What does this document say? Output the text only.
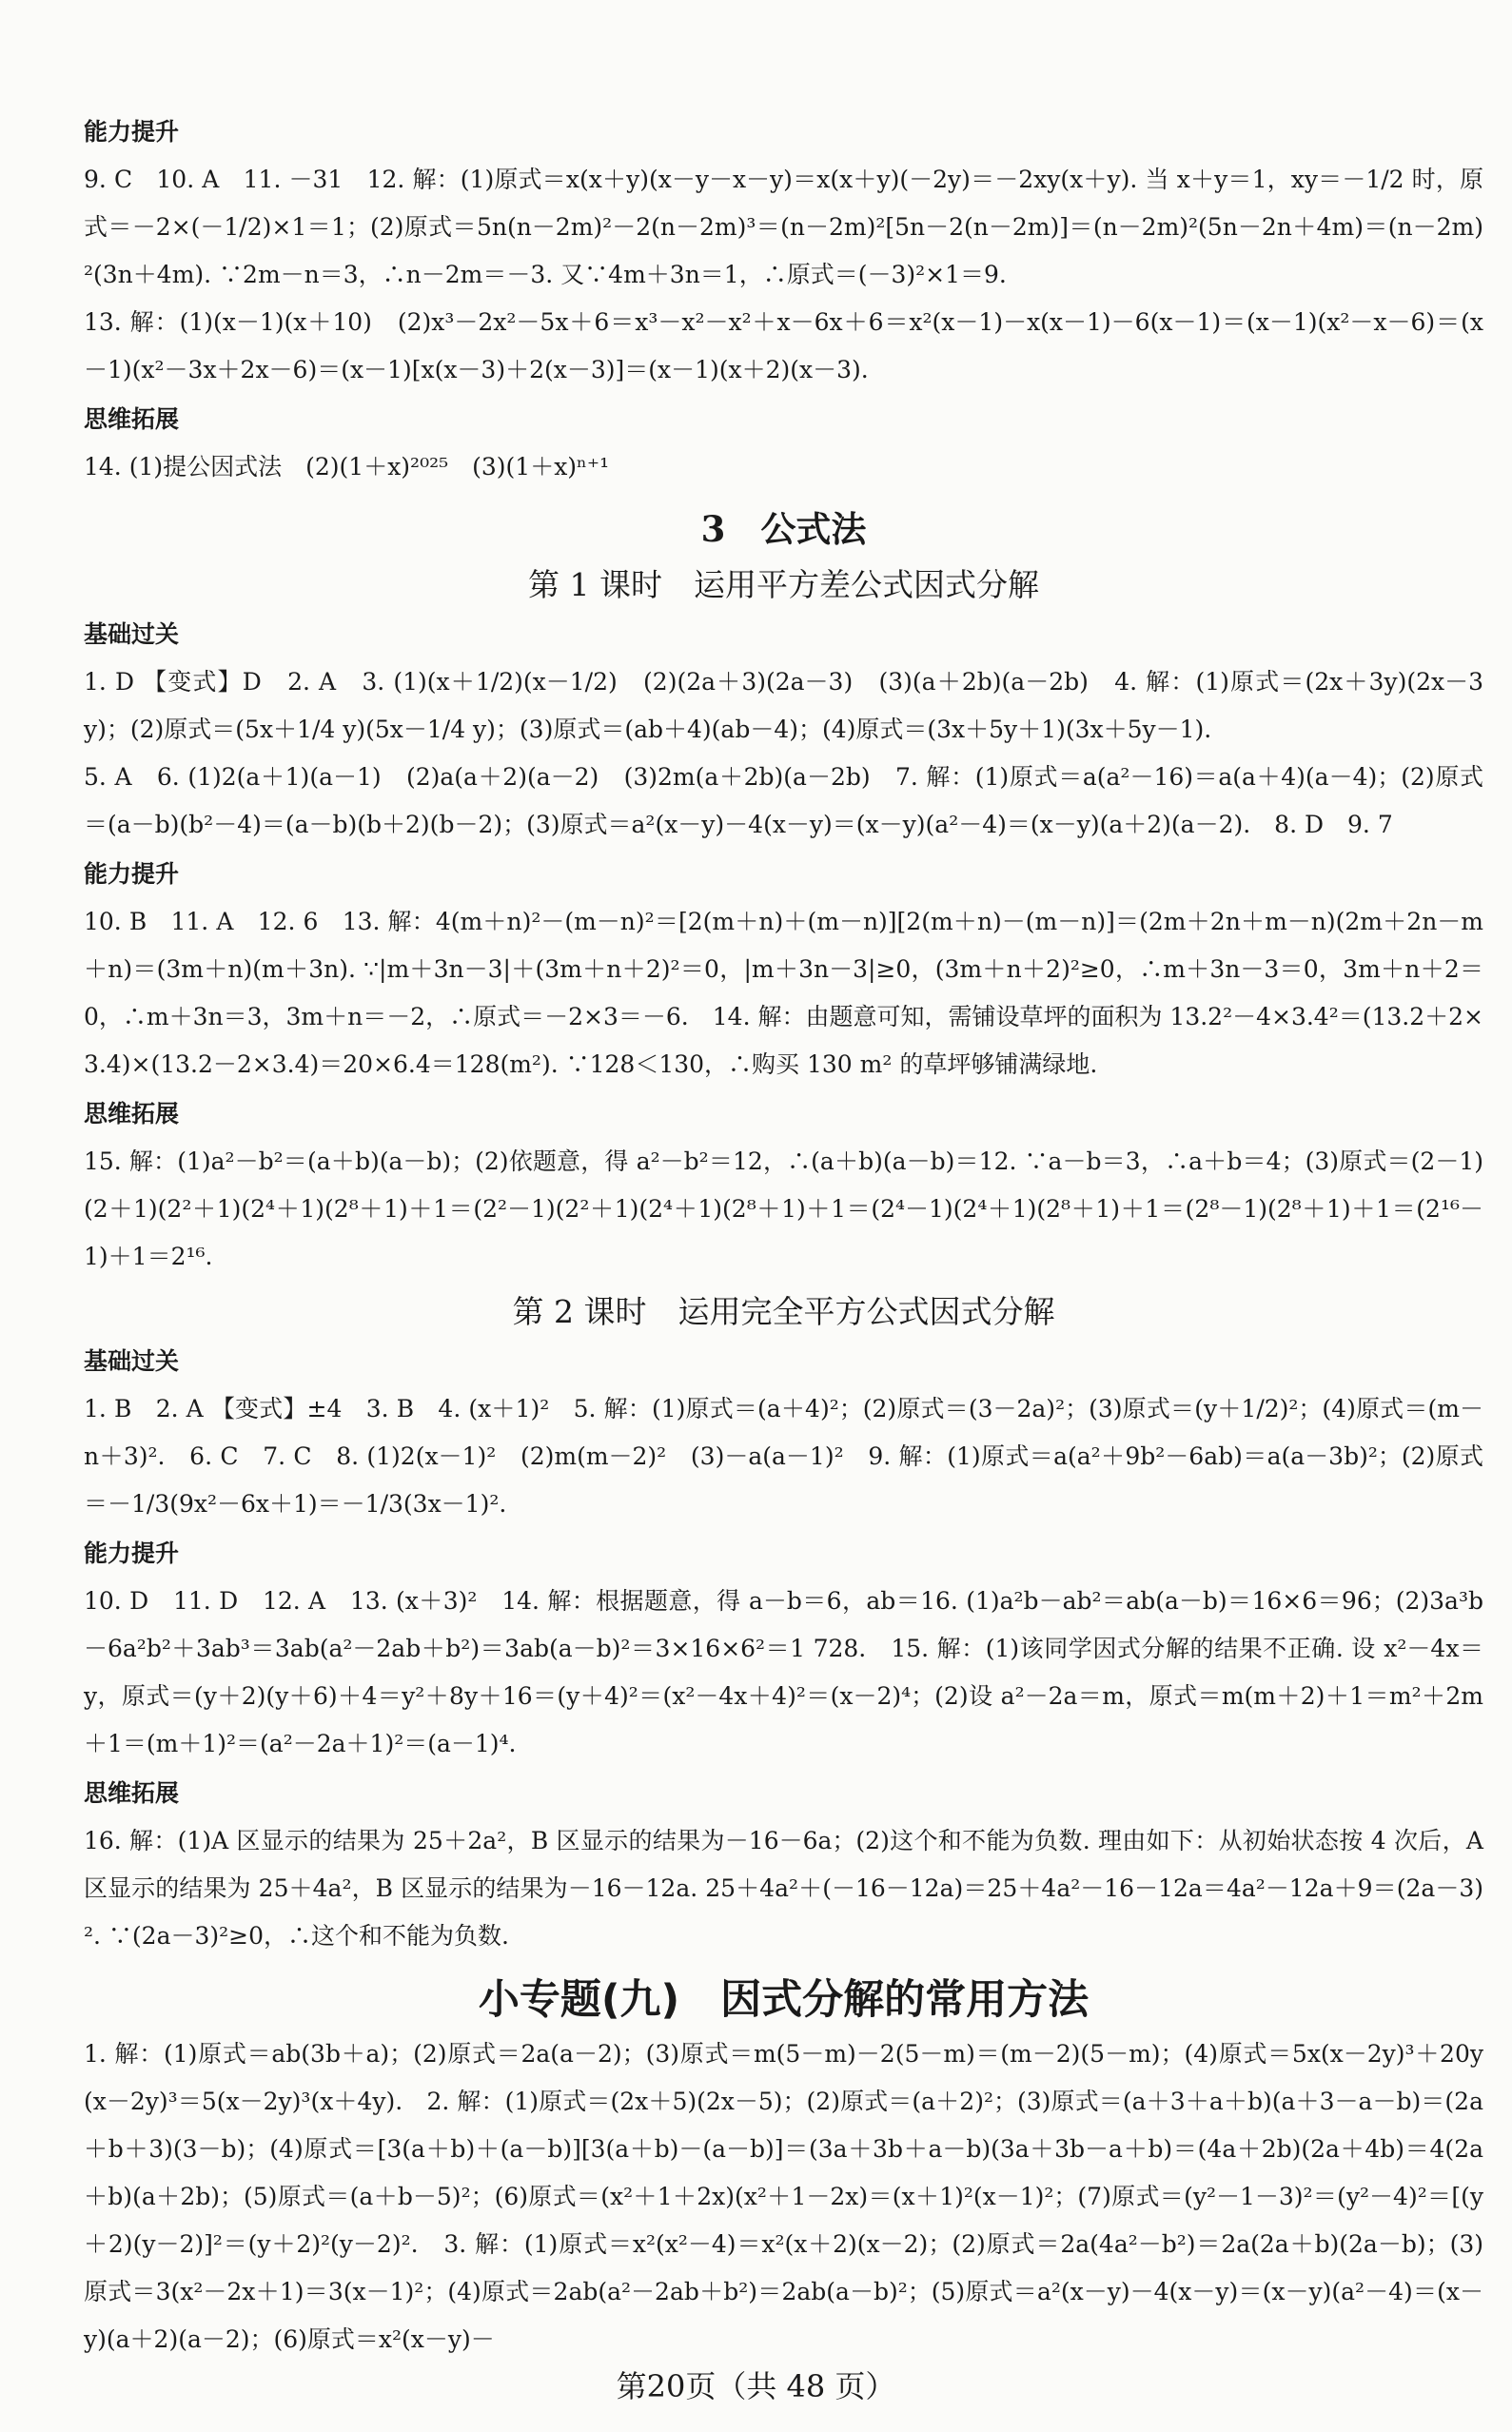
能力提升
9. C　10. A　11. －31　12. 解：(1)原式＝x(x＋y)(x－y－x－y)＝x(x＋y)(－2y)＝－2xy(x＋y). 当 x＋y＝1，xy＝－1/2 时，原式＝－2×(－1/2)×1＝1；(2)原式＝5n(n－2m)²－2(n－2m)³＝(n－2m)²[5n－2(n－2m)]＝(n－2m)²(5n－2n＋4m)＝(n－2m)²(3n＋4m). ∵2m－n＝3，∴n－2m＝－3. 又∵4m＋3n＝1，∴原式＝(－3)²×1＝9.
13. 解：(1)(x－1)(x＋10)　(2)x³－2x²－5x＋6＝x³－x²－x²＋x－6x＋6＝x²(x－1)－x(x－1)－6(x－1)＝(x－1)(x²－x－6)＝(x－1)(x²－3x＋2x－6)＝(x－1)[x(x－3)＋2(x－3)]＝(x－1)(x＋2)(x－3).
思维拓展
14. (1)提公因式法　(2)(1＋x)²⁰²⁵　(3)(1＋x)ⁿ⁺¹
3　公式法
第 1 课时　运用平方差公式因式分解
基础过关
1. D 【变式】D　2. A　3. (1)(x＋1/2)(x－1/2)　(2)(2a＋3)(2a－3)　(3)(a＋2b)(a－2b)　4. 解：(1)原式＝(2x＋3y)(2x－3y)；(2)原式＝(5x＋1/4 y)(5x－1/4 y)；(3)原式＝(ab＋4)(ab－4)；(4)原式＝(3x＋5y＋1)(3x＋5y－1).
5. A　6. (1)2(a＋1)(a－1)　(2)a(a＋2)(a－2)　(3)2m(a＋2b)(a－2b)　7. 解：(1)原式＝a(a²－16)＝a(a＋4)(a－4)；(2)原式＝(a－b)(b²－4)＝(a－b)(b＋2)(b－2)；(3)原式＝a²(x－y)－4(x－y)＝(x－y)(a²－4)＝(x－y)(a＋2)(a－2).　8. D　9. 7
能力提升
10. B　11. A　12. 6　13. 解：4(m＋n)²－(m－n)²＝[2(m＋n)＋(m－n)][2(m＋n)－(m－n)]＝(2m＋2n＋m－n)(2m＋2n－m＋n)＝(3m＋n)(m＋3n). ∵|m＋3n－3|＋(3m＋n＋2)²＝0，|m＋3n－3|≥0，(3m＋n＋2)²≥0，∴m＋3n－3＝0，3m＋n＋2＝0，∴m＋3n＝3，3m＋n＝－2，∴原式＝－2×3＝－6.　14. 解：由题意可知，需铺设草坪的面积为 13.2²－4×3.4²＝(13.2＋2×3.4)×(13.2－2×3.4)＝20×6.4＝128(m²). ∵128＜130，∴购买 130 m² 的草坪够铺满绿地.
思维拓展
15. 解：(1)a²－b²＝(a＋b)(a－b)；(2)依题意，得 a²－b²＝12，∴(a＋b)(a－b)＝12. ∵a－b＝3，∴a＋b＝4；(3)原式＝(2－1)(2＋1)(2²＋1)(2⁴＋1)(2⁸＋1)＋1＝(2²－1)(2²＋1)(2⁴＋1)(2⁸＋1)＋1＝(2⁴－1)(2⁴＋1)(2⁸＋1)＋1＝(2⁸－1)(2⁸＋1)＋1＝(2¹⁶－1)＋1＝2¹⁶.
第 2 课时　运用完全平方公式因式分解
基础过关
1. B　2. A 【变式】±4　3. B　4. (x＋1)²　5. 解：(1)原式＝(a＋4)²；(2)原式＝(3－2a)²；(3)原式＝(y＋1/2)²；(4)原式＝(m－n＋3)².　6. C　7. C　8. (1)2(x－1)²　(2)m(m－2)²　(3)－a(a－1)²　9. 解：(1)原式＝a(a²＋9b²－6ab)＝a(a－3b)²；(2)原式＝－1/3(9x²－6x＋1)＝－1/3(3x－1)².
能力提升
10. D　11. D　12. A　13. (x＋3)²　14. 解：根据题意，得 a－b＝6，ab＝16. (1)a²b－ab²＝ab(a－b)＝16×6＝96；(2)3a³b－6a²b²＋3ab³＝3ab(a²－2ab＋b²)＝3ab(a－b)²＝3×16×6²＝1 728.　15. 解：(1)该同学因式分解的结果不正确. 设 x²－4x＝y，原式＝(y＋2)(y＋6)＋4＝y²＋8y＋16＝(y＋4)²＝(x²－4x＋4)²＝(x－2)⁴；(2)设 a²－2a＝m，原式＝m(m＋2)＋1＝m²＋2m＋1＝(m＋1)²＝(a²－2a＋1)²＝(a－1)⁴.
思维拓展
16. 解：(1)A 区显示的结果为 25＋2a²，B 区显示的结果为－16－6a；(2)这个和不能为负数. 理由如下：从初始状态按 4 次后，A 区显示的结果为 25＋4a²，B 区显示的结果为－16－12a. 25＋4a²＋(－16－12a)＝25＋4a²－16－12a＝4a²－12a＋9＝(2a－3)². ∵(2a－3)²≥0，∴这个和不能为负数.
小专题(九)　因式分解的常用方法
1. 解：(1)原式＝ab(3b＋a)；(2)原式＝2a(a－2)；(3)原式＝m(5－m)－2(5－m)＝(m－2)(5－m)；(4)原式＝5x(x－2y)³＋20y(x－2y)³＝5(x－2y)³(x＋4y).　2. 解：(1)原式＝(2x＋5)(2x－5)；(2)原式＝(a＋2)²；(3)原式＝(a＋3＋a＋b)(a＋3－a－b)＝(2a＋b＋3)(3－b)；(4)原式＝[3(a＋b)＋(a－b)][3(a＋b)－(a－b)]＝(3a＋3b＋a－b)(3a＋3b－a＋b)＝(4a＋2b)(2a＋4b)＝4(2a＋b)(a＋2b)；(5)原式＝(a＋b－5)²；(6)原式＝(x²＋1＋2x)(x²＋1－2x)＝(x＋1)²(x－1)²；(7)原式＝(y²－1－3)²＝(y²－4)²＝[(y＋2)(y－2)]²＝(y＋2)²(y－2)².　3. 解：(1)原式＝x²(x²－4)＝x²(x＋2)(x－2)；(2)原式＝2a(4a²－b²)＝2a(2a＋b)(2a－b)；(3)原式＝3(x²－2x＋1)＝3(x－1)²；(4)原式＝2ab(a²－2ab＋b²)＝2ab(a－b)²；(5)原式＝a²(x－y)－4(x－y)＝(x－y)(a²－4)＝(x－y)(a＋2)(a－2)；(6)原式＝x²(x－y)－
第20页（共 48 页）
